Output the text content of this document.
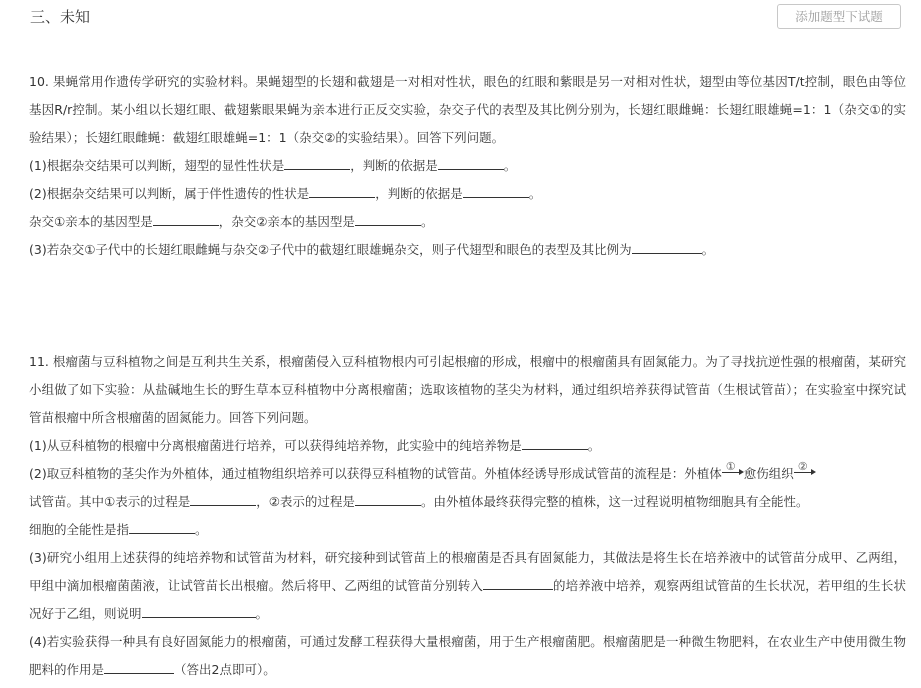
三、未知	添加题型下试题
10. 果蝇常用作遗传学研究的实验材料。果蝇翅型的长翅和截翅是一对相对性状，眼色的红眼和紫眼是另一对相对性状，翅型由等位基因T/t控制，眼色由等位基因R/r控制。某小组以长翅红眼、截翅紫眼果蝇为亲本进行正反交实验，杂交子代的表型及其比例分别为，长翅红眼雌蝇：长翅红眼雄蝇=1：1（杂交①的实验结果）；长翅红眼雌蝇：截翅红眼雄蝇=1：1（杂交②的实验结果）。回答下列问题。
(1)根据杂交结果可以判断，翅型的显性性状是	，判断的依据是	。
(2)根据杂交结果可以判断，属于伴性遗传的性状是	，判断的依据是	。
杂交①亲本的基因型是	，杂交②亲本的基因型是	。
(3)若杂交①子代中的长翅红眼雌蝇与杂交②子代中的截翅红眼雄蝇杂交，则子代翅型和眼色的表型及其比例为	。
11. 根瘤菌与豆科植物之间是互利共生关系，根瘤菌侵入豆科植物根内可引起根瘤的形成，根瘤中的根瘤菌具有固氮能力。为了寻找抗逆性强的根瘤菌，某研究小组做了如下实验：从盐碱地生长的野生草本豆科植物中分离根瘤菌；选取该植物的茎尖为材料，通过组织培养获得试管苗（生根试管苗）；在实验室中探究试管苗根瘤中所含根瘤菌的固氮能力。回答下列问题。
(1)从豆科植物的根瘤中分离根瘤菌进行培养，可以获得纯培养物，此实验中的纯培养物是	。
(2)取豆科植物的茎尖作为外植体，通过植物组织培养可以获得豆科植物的试管苗。外植体经诱导形成试管苗的流程是：外植体 ① 愈伤组织 ②
试管苗。其中①表示的过程是	，②表示的过程是	。由外植体最终获得完整的植株，这一过程说明植物细胞具有全能性。
细胞的全能性是指	。
(3)研究小组用上述获得的纯培养物和试管苗为材料，研究接种到试管苗上的根瘤菌是否具有固氮能力，其做法是将生长在培养液中的试管苗分成甲、乙两组，甲组中滴加根瘤菌菌液，让试管苗长出根瘤。然后将甲、乙两组的试管苗分别转入	的培养液中培养，观察两组试管苗的生长状况，若甲组的生长状况好于乙组，则说明	。
(4)若实验获得一种具有良好固氮能力的根瘤菌，可通过发酵工程获得大量根瘤菌，用于生产根瘤菌肥。根瘤菌肥是一种微生物肥料，在农业生产中使用微生物肥料的作用是	（答出2点即可）。
